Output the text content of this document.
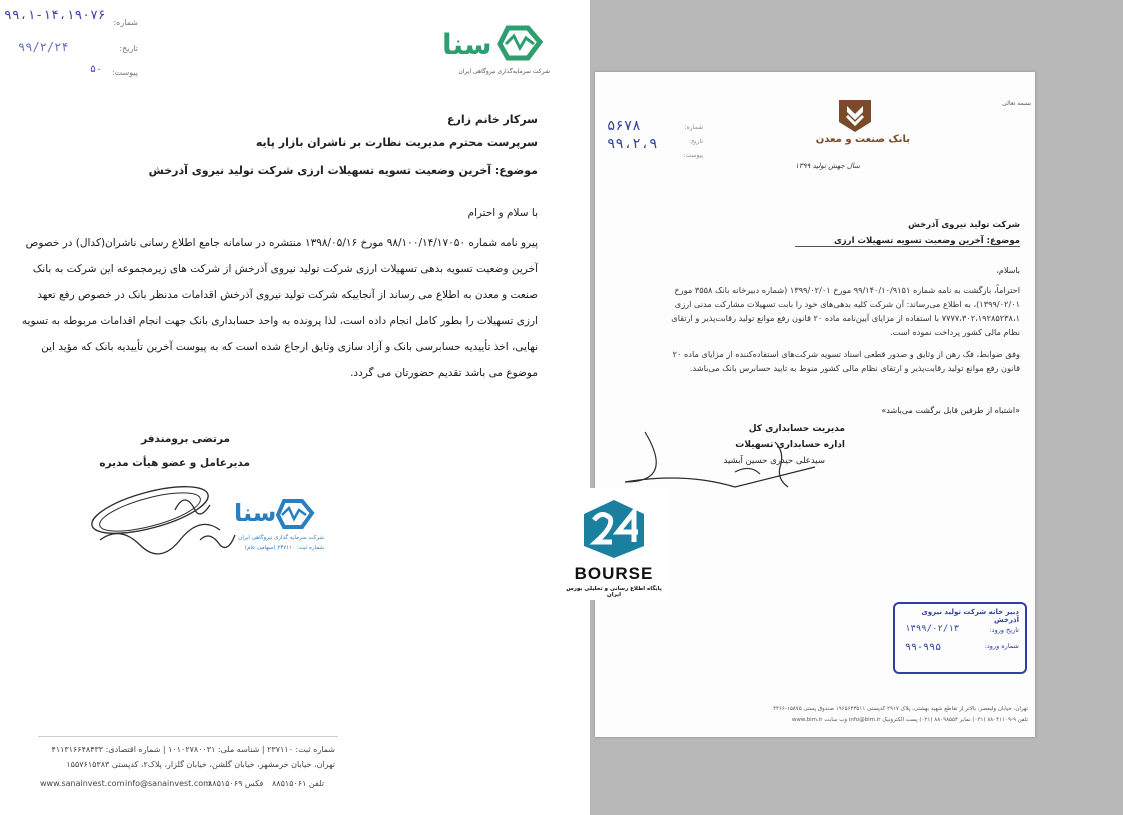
۹۹،۱-۱۴،۱۹۰۷۶ شماره:
۹۹/۲/۲۴	تاریخ:
۵۰	پیوست:
سنا
شرکت سرمایه‌گذاری نیروگاهی ایران
سرکار خانم زارع
سرپرست محترم مدیریت نظارت بر ناشران بازار پایه
موضوع: آخرین وضعیت تسویه تسهیلات ارزی شرکت تولید نیروی آذرخش
با سلام و احترام
پیرو نامه شماره ۹۸/۱۰۰/۱۴/۱۷۰۵۰ مورخ ۱۳۹۸/۰۵/۱۶ منتشره در سامانه جامع اطلاع رسانی ناشران(کدال) در خصوص
آخرین وضعیت تسویه بدهی تسهیلات ارزی شرکت تولید نیروی آذرخش از شرکت های زیرمجموعه این شرکت به بانک
صنعت و معدن به اطلاع می رساند از آنجاییکه شرکت تولید نیروی آذرخش اقدامات مدنظر بانک در خصوص رفع تعهد
ارزی تسهیلات را بطور کامل انجام داده است، لذا پرونده به واحد حسابداری بانک جهت انجام اقدامات مربوطه به تسویه
نهایی، اخذ تأییدیه حسابرسی بانک و آزاد سازی وثایق ارجاع شده است که به پیوست آخرین تأییدیه بانک که مؤید این
موضوع می باشد تقدیم حضورتان می گردد.
مرتضی برومندفر
مدیرعامل و عضو هیأت مدیره
سنا
شرکت سرمایه گذاری نیروگاهی ایران
شماره ثبت: ۲۳۷۱۱۰ (سهامی عام)
شماره ثبت: ۲۳۷۱۱۰ | شناسه ملی: ۱۰۱۰۲۷۸۰۰۳۱ | شماره اقتصادی: ۴۱۱۳۱۶۶۴۸۴۳۳
تهران، خیابان خرمشهر، خیابان گلشن، خیابان گلزار، پلاک۲، کدپستی ۱۵۵۷۶۱۵۳۸۳
www.sanainvest.com info@sanainvest.com
فکس ۸۸۵۱۵۰۶۹ تلفن ۸۸۵۱۵۰۶۱
بسمه تعالی
بانک صنعت و معدن
سال جهش تولید ۱۳۹۹
۵۶۷۸
۹۹،۲،۹
شماره:
تاریخ:
پیوست:
شرکت تولید نیروی آذرخش
موضوع: آخرین وضعیت تسویه تسهیلات ارزی
باسلام،
احتراماً، بازگشت به نامه شماره ۹۹/۱۴۰/۱۰/۹۱۵۱ مورخ ۱۳۹۹/۰۲/۰۱ (شماره دبیرخانه بانک ۳۵۵۸ مورخ
۱۳۹۹/۰۲/۰۱)، به اطلاع می‌رساند: آن شرکت کلیه بدهی‌های خود را بابت تسهیلات مشارکت مدنی ارزی
۷۷۷۷،۳۰۲،۱۹۲۸۵۲۳۸،۱ با استفاده از مزایای آیین‌نامه ماده ۲۰ قانون رفع موانع تولید رقابت‌پذیر و ارتقای
نظام مالی کشور پرداخت نموده است.
وفق ضوابط، فک رهن از وثایق و صدور قطعی اسناد تسویه شرکت‌های استفاده‌کننده از مزایای ماده ۲۰
قانون رفع موانع تولید رقابت‌پذیر و ارتقای نظام مالی کشور منوط به تایید حسابرس بانک می‌باشد.
«اشتباه از طرفین قابل برگشت می‌باشد»
مدیریت حسابداری کل
اداره حسابداری تسهیلات
سیدعلی حیدری حسین آبشید
دبیر خانه شرکت تولید نیروی آذرخش
تاریخ ورود:
۱۳۹۹/۰۲/۱۳
شماره ورود:
۹۹-۹۹۵
تهران، خیابان ولیعصر، بالاتر از تقاطع شهید بهشتی، پلاک ۲۹۱۷ کدپستی ۱۹۶۵۶۴۳۵۱۱ صندوق پستی ۱۵۸۷۵-۴۴۶۶
تلفن ۹-۸۸۰۴۱۱۰۹ (۰۲۱) نمابر ۸۸۰۹۸۵۵۴ (۰۲۱) پست الکترونیک info@bim.ir وب سایت www.bim.ir
BOURSE
پایگاه اطلاع رسانی و تحلیلی بورس ایران
